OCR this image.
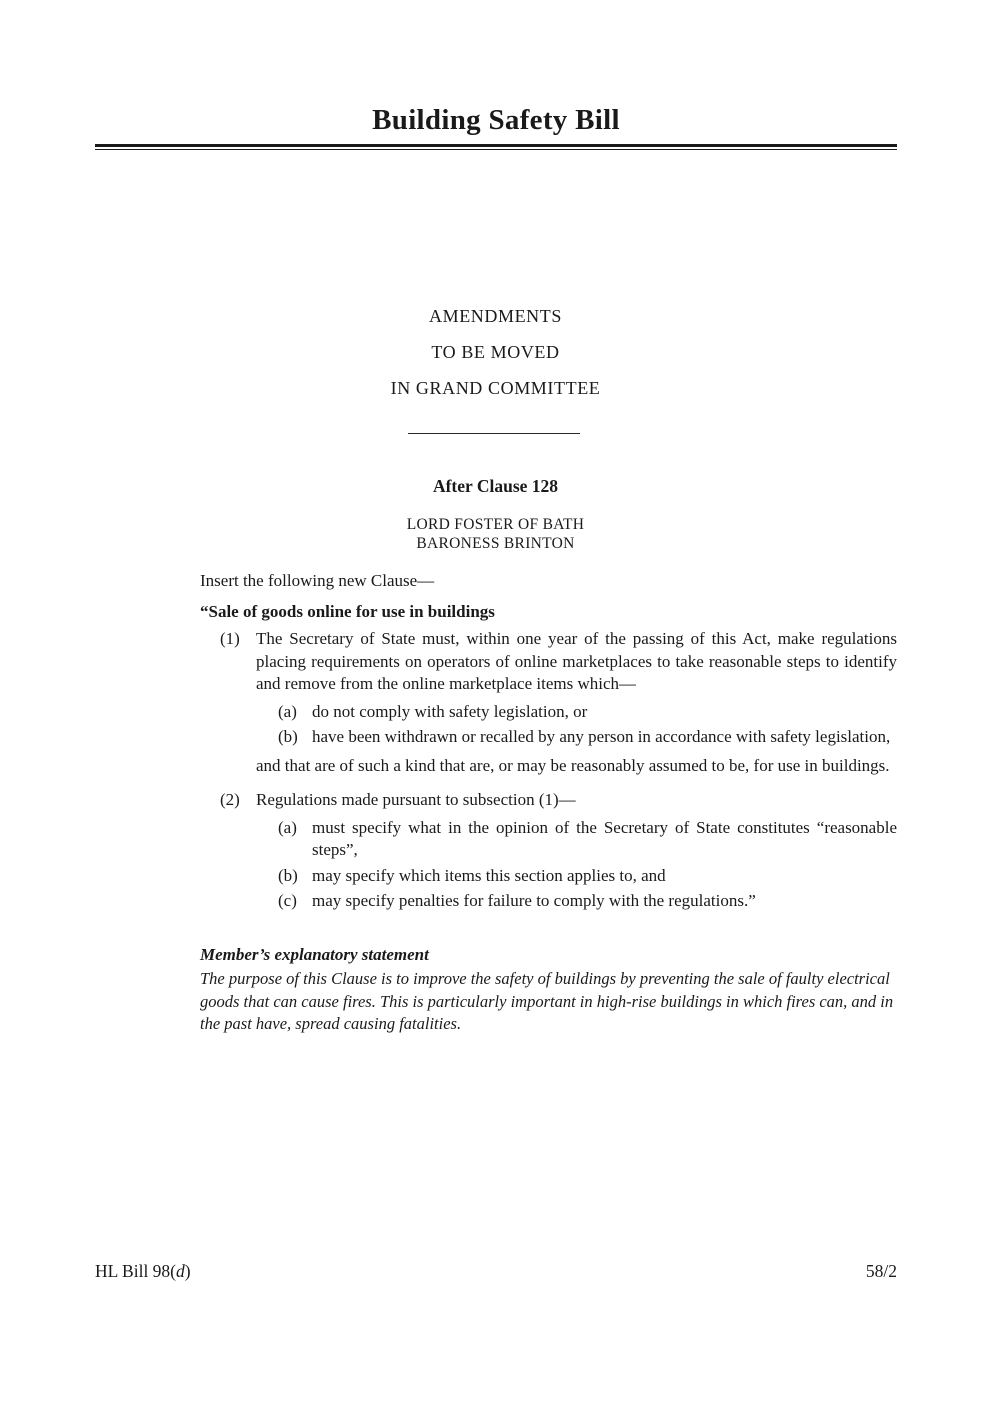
Building Safety Bill
AMENDMENTS
TO BE MOVED
IN GRAND COMMITTEE
After Clause 128
LORD FOSTER OF BATH
BARONESS BRINTON

Insert the following new Clause—

“Sale of goods online for use in buildings

(1) The Secretary of State must, within one year of the passing of this Act, make regulations placing requirements on operators of online marketplaces to take reasonable steps to identify and remove from the online marketplace items which—

(a) do not comply with safety legislation, or

(b) have been withdrawn or recalled by any person in accordance with safety legislation,

and that are of such a kind that are, or may be reasonably assumed to be, for use in buildings.

(2) Regulations made pursuant to subsection (1)—

(a) must specify what in the opinion of the Secretary of State constitutes “reasonable steps”,

(b) may specify which items this section applies to, and

(c) may specify penalties for failure to comply with the regulations.”

Member’s explanatory statement

The purpose of this Clause is to improve the safety of buildings by preventing the sale of faulty electrical goods that can cause fires. This is particularly important in high-rise buildings in which fires can, and in the past have, spread causing fatalities.

HL Bill 98(d)	58/2
